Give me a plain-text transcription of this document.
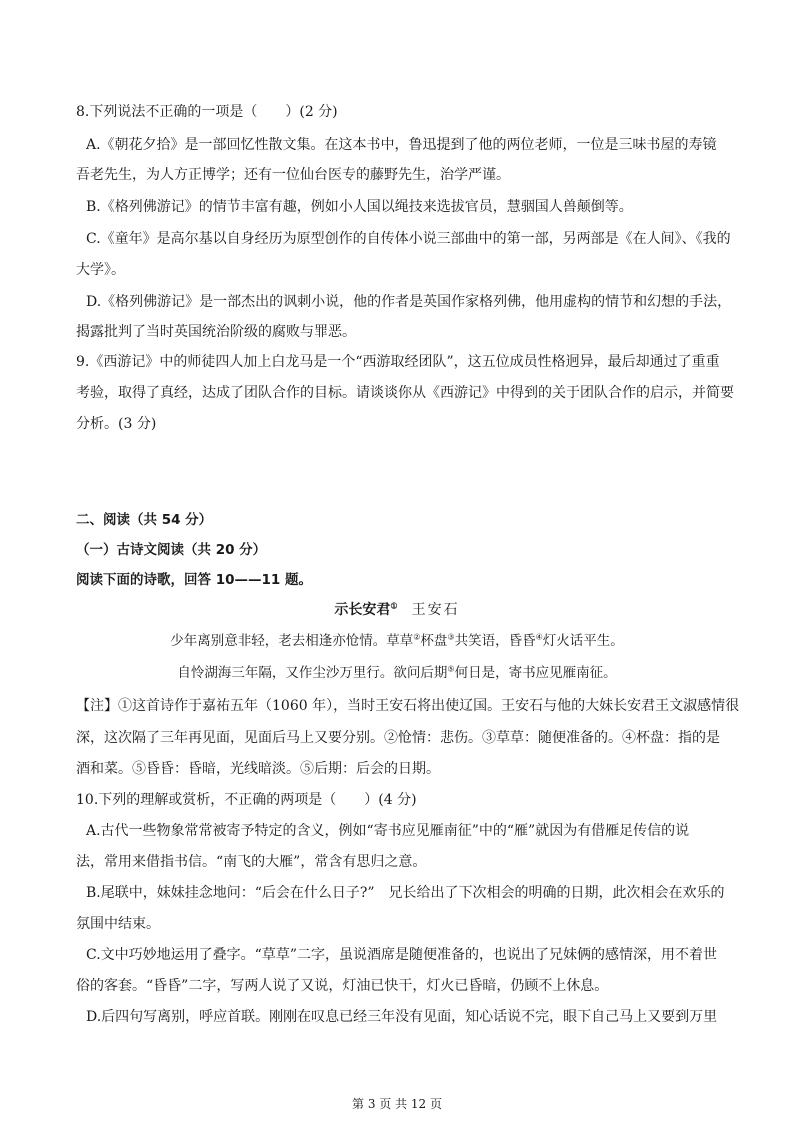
8.下列说法不正确的一项是（　　）(2 分)
A.《朝花夕拾》是一部回忆性散文集。在这本书中，鲁迅提到了他的两位老师，一位是三味书屋的寿镜
吾老先生，为人方正博学；还有一位仙台医专的藤野先生，治学严谨。
B.《格列佛游记》的情节丰富有趣，例如小人国以绳技来选拔官员，慧骃国人兽颠倒等。
C.《童年》是高尔基以自身经历为原型创作的自传体小说三部曲中的第一部，另两部是《在人间》、《我的
大学》。
D.《格列佛游记》是一部杰出的讽刺小说，他的作者是英国作家格列佛，他用虚构的情节和幻想的手法，
揭露批判了当时英国统治阶级的腐败与罪恶。
9.《西游记》中的师徒四人加上白龙马是一个“西游取经团队”，这五位成员性格迥异，最后却通过了重重
考验，取得了真经，达成了团队合作的目标。请谈谈你从《西游记》中得到的关于团队合作的启示，并简要
分析。(3 分)
二、阅读（共 54 分）
（一）古诗文阅读（共 20 分）
阅读下面的诗歌，回答 10——11 题。
示长安君① 王安石
少年离别意非轻，老去相逢亦怆情。草草②杯盘③共笑语，昏昏④灯火话平生。
自怜湖海三年隔，又作尘沙万里行。欲问后期⑤何日是，寄书应见雁南征。
【注】①这首诗作于嘉祐五年（1060 年），当时王安石将出使辽国。王安石与他的大妹长安君王文淑感情很
深，这次隔了三年再见面，见面后马上又要分别。②怆情：悲伤。③草草：随便准备的。④杯盘：指的是
酒和菜。⑤昏昏：昏暗，光线暗淡。⑤后期：后会的日期。
10.下列的理解或赏析，不正确的两项是（　　）(4 分)
A.古代一些物象常常被寄予特定的含义，例如“寄书应见雁南征”中的“雁”就因为有借雁足传信的说
法，常用来借指书信。“南飞的大雁”，常含有思归之意。
B.尾联中，妹妹挂念地问：“后会在什么日子?”　兄长给出了下次相会的明确的日期，此次相会在欢乐的
氛围中结束。
C.文中巧妙地运用了叠字。“草草”二字，虽说酒席是随便准备的，也说出了兄妹俩的感情深，用不着世
俗的客套。“昏昏”二字，写两人说了又说，灯油已快干，灯火已昏暗，仍顾不上休息。
D.后四句写离别，呼应首联。刚刚在叹息已经三年没有见面，知心话说不完，眼下自己马上又要到万里
第 3 页 共 12 页
